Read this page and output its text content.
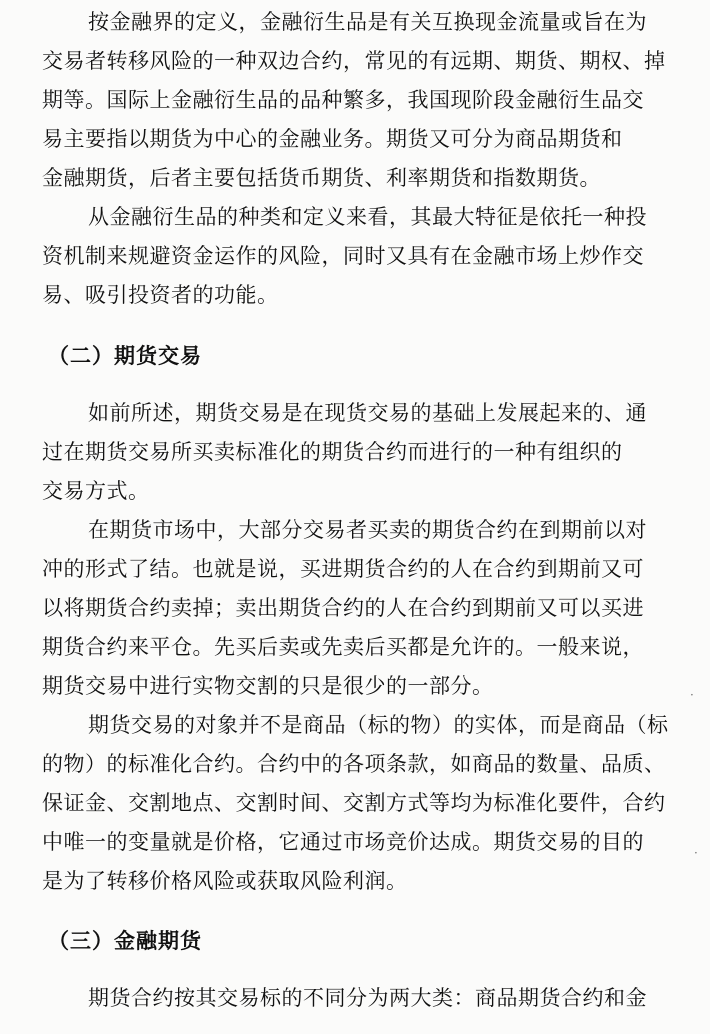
按金融界的定义，金融衍生品是有关互换现金流量或旨在为
交易者转移风险的一种双边合约，常见的有远期、期货、期权、掉
期等。国际上金融衍生品的品种繁多，我国现阶段金融衍生品交
易主要指以期货为中心的金融业务。期货又可分为商品期货和
金融期货，后者主要包括货币期货、利率期货和指数期货。
从金融衍生品的种类和定义来看，其最大特征是依托一种投
资机制来规避资金运作的风险，同时又具有在金融市场上炒作交
易、吸引投资者的功能。
（二）期货交易
如前所述，期货交易是在现货交易的基础上发展起来的、通
过在期货交易所买卖标准化的期货合约而进行的一种有组织的
交易方式。
在期货市场中，大部分交易者买卖的期货合约在到期前以对
冲的形式了结。也就是说，买进期货合约的人在合约到期前又可
以将期货合约卖掉；卖出期货合约的人在合约到期前又可以买进
期货合约来平仓。先买后卖或先卖后买都是允许的。一般来说，
期货交易中进行实物交割的只是很少的一部分。
期货交易的对象并不是商品（标的物）的实体，而是商品（标
的物）的标准化合约。合约中的各项条款，如商品的数量、品质、
保证金、交割地点、交割时间、交割方式等均为标准化要件，合约
中唯一的变量就是价格，它通过市场竞价达成。期货交易的目的
是为了转移价格风险或获取风险利润。
（三）金融期货
期货合约按其交易标的不同分为两大类：商品期货合约和金
·
·
